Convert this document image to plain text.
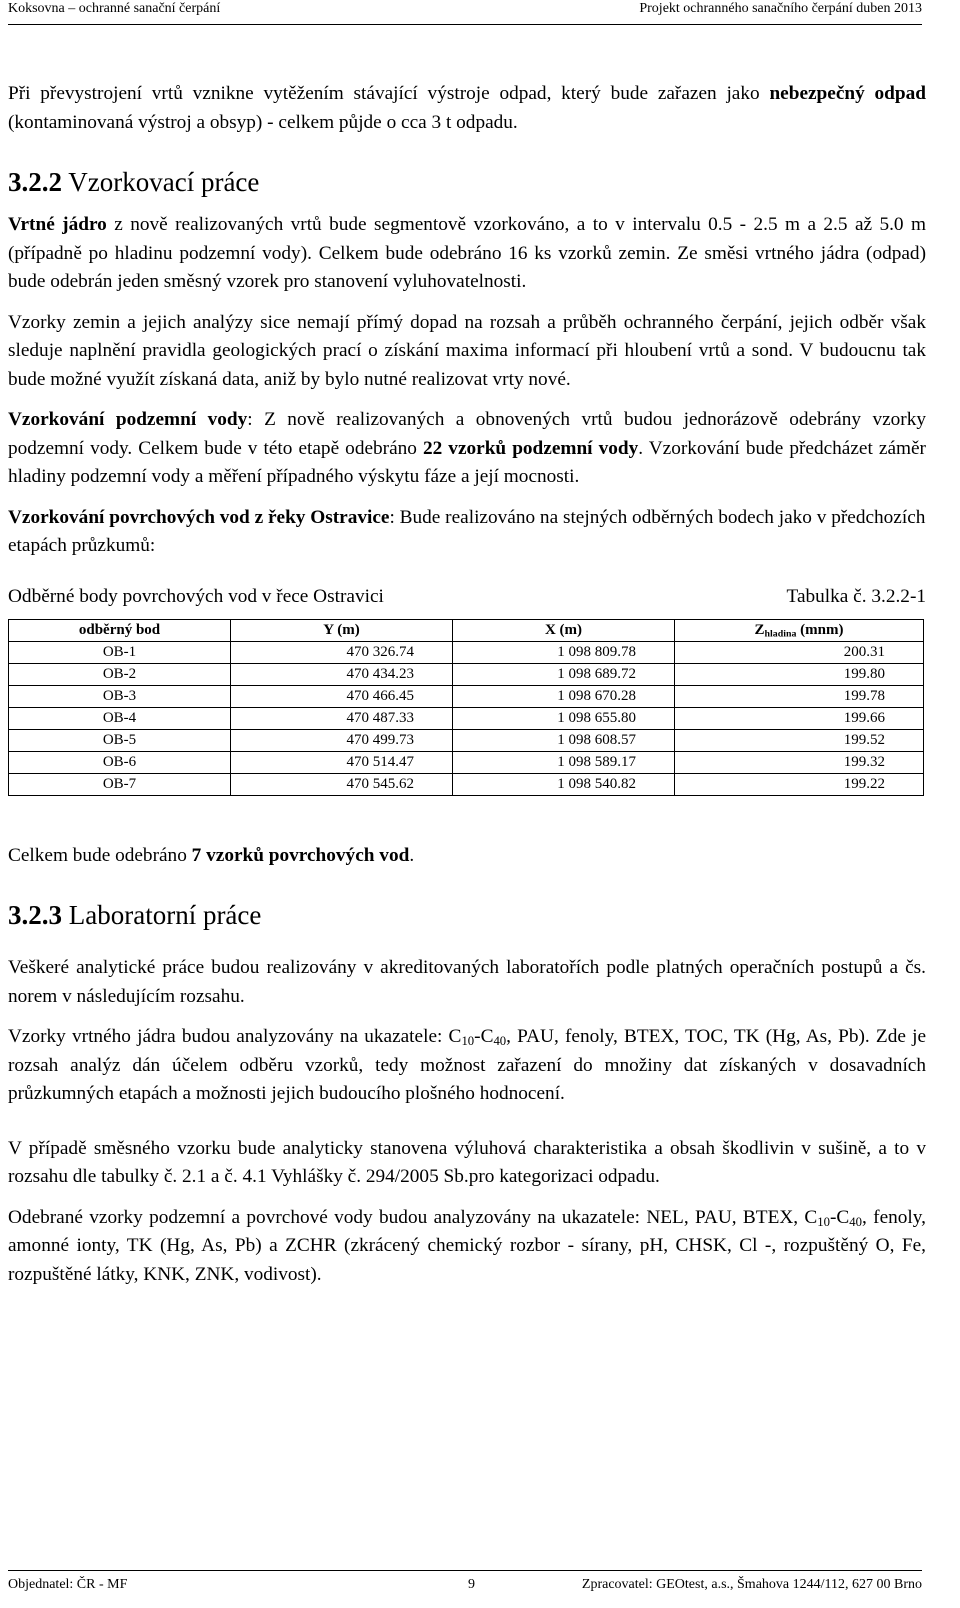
Koksovna – ochranné sanační čerpání	Projekt ochranného sanačního čerpání duben 2013

Při převystrojení vrtů vznikne vytěžením stávající výstroje odpad, který bude zařazen jako nebezpečný odpad (kontaminovaná výstroj a obsyp) - celkem půjde o cca 3 t odpadu.

3.2.2 Vzorkovací práce

Vrtné jádro z nově realizovaných vrtů bude segmentově vzorkováno, a to v intervalu 0.5 - 2.5 m a 2.5 až 5.0 m (případně po hladinu podzemní vody). Celkem bude odebráno 16 ks vzorků zemin. Ze směsi vrtného jádra (odpad) bude odebrán jeden směsný vzorek pro stanovení vyluhovatelnosti.

Vzorky zemin a jejich analýzy sice nemají přímý dopad na rozsah a průběh ochranného čerpání, jejich odběr však sleduje naplnění pravidla geologických prací o získání maxima informací při hloubení vrtů a sond. V budoucnu tak bude možné využít získaná data, aniž by bylo nutné realizovat vrty nové.

Vzorkování podzemní vody: Z nově realizovaných a obnovených vrtů budou jednorázově odebrány vzorky podzemní vody. Celkem bude v této etapě odebráno 22 vzorků podzemní vody. Vzorkování bude předcházet záměr hladiny podzemní vody a měření případného výskytu fáze a její mocnosti.

Vzorkování povrchových vod z řeky Ostravice: Bude realizováno na stejných odběrných bodech jako v předchozích etapách průzkumů:

Odběrné body povrchových vod v řece Ostravici	Tabulka č. 3.2.2-1
odběrný bod	Y (m)	X (m)	$Z_{hladina}$ (mnm)
OB-1	470 326.74	1 098 809.78	200.31
OB-2	470 434.23	1 098 689.72	199.80
OB-3	470 466.45	1 098 670.28	199.78
OB-4	470 487.33	1 098 655.80	199.66
OB-5	470 499.73	1 098 608.57	199.52
OB-6	470 514.47	1 098 589.17	199.32
OB-7	470 545.62	1 098 540.82	199.22

Celkem bude odebráno 7 vzorků povrchových vod.

3.2.3 Laboratorní práce

Veškeré analytické práce budou realizovány v akreditovaných laboratořích podle platných operačních postupů a čs. norem v následujícím rozsahu.

Vzorky vrtného jádra budou analyzovány na ukazatele: $C_{10}-C_{40}$, PAU, fenoly, BTEX, TOC, TK (Hg, As, Pb). Zde je rozsah analýz dán účelem odběru vzorků, tedy možnost zařazení do množiny dat získaných v dosavadních průzkumných etapách a možnosti jejich budoucího plošného hodnocení.

V případě směsného vzorku bude analyticky stanovena výluhová charakteristika a obsah škodlivin v sušině, a to v rozsahu dle tabulky č. 2.1 a č. 4.1 Vyhlášky č. 294/2005 Sb.pro kategorizaci odpadu.

Odebrané vzorky podzemní a povrchové vody budou analyzovány na ukazatele: NEL, PAU, BTEX, $C_{10}-C_{40}$, fenoly, amonné ionty, TK (Hg, As, Pb) a ZCHR (zkrácený chemický rozbor - sírany, pH, CHSK, Cl -, rozpuštěný O, Fe, rozpuštěné látky, KNK, ZNK, vodivost).

Objednatel: ČR - MF	9	Zpracovatel: GEOtest, a.s., Šmahova 1244/112, 627 00 Brno
